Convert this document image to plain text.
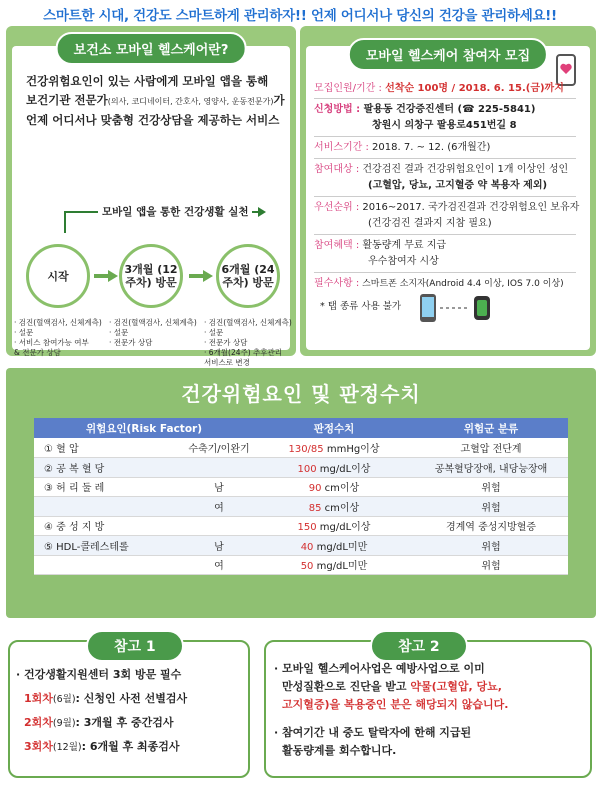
스마트한 시대, 건강도 스마트하게 관리하자!! 언제 어디서나 당신의 건강을 관리하세요!!
보건소 모바일 헬스케어란?
건강위험요인이 있는 사람에게 모바일 앱을 통해
보건기관 전문가(의사, 코디네이터, 간호사, 영양사, 운동전문가)가
언제 어디서나 맞춤형 건강상담을 제공하는 서비스
모바일 앱을 통한 건강생활 실천
시작	3개월 (12주차) 방문
6개월 (24주차) 방문
· 검진(혈액검사, 신체계측)
· 설문
· 서비스 참여가능 여부
& 전문가 상담
· 검진(혈액검사, 신체계측)
· 설문
· 전문가 상담
· 검진(혈액검사, 신체계측)
· 설문
· 전문가 상담
· 6개월(24주) 추후관리
서비스로 변경
모바일 헬스케어 참여자 모집
모집인원/기간 : 선착순 100명 / 2018. 6. 15.(금)까지
신청방법 : 팔용동 건강증진센터 (☎ 225-5841)
창원시 의창구 팔용로451번길 8
서비스기간 : 2018. 7. ~ 12. (6개월간)
참여대상 : 건강검진 결과 건강위험요인이 1개 이상인 성인
(고혈압, 당뇨, 고지혈증 약 복용자 제외)
우선순위 : 2016~2017. 국가검진결과 건강위험요인 보유자
(건강검진 결과지 지참 필요)
참여혜택 : 활동량계 무료 지급
우수참여자 시상
필수사항 : 스마트폰 소지자(Android 4.4 이상, IOS 7.0 이상)
* 탭 종류 사용 불가
건강위험요인 및 판정수치
위험요인(Risk Factor)		판정수치	위험군 분류
① 혈 압	수축기/이완기	130/85 mmHg이상	고혈압 전단계
② 공 복 혈 당		100 mg/dL이상	공복혈당장애, 내당능장애
③ 허 리 둘 레	남	90 cm이상	위험
	여	85 cm이상	위험
④ 중 성 지 방		150 mg/dL이상	경계역 중성지방혈증
⑤ HDL-콜레스테롤	남	40 mg/dL미만	위험
	여	50 mg/dL미만	위험
참고 1
· 건강생활지원센터 3회 방문 필수
1회차(6월): 신청인 사전 선별검사
2회차(9월): 3개월 후 중간검사
3회차(12월): 6개월 후 최종검사
참고 2
· 모바일 헬스케어사업은 예방사업으로 이미
만성질환으로 진단을 받고 약물(고혈압, 당뇨,
고지혈증)을 복용중인 분은 해당되지 않습니다.
· 참여기간 내 중도 탈락자에 한해 지급된
활동량계를 회수합니다.
